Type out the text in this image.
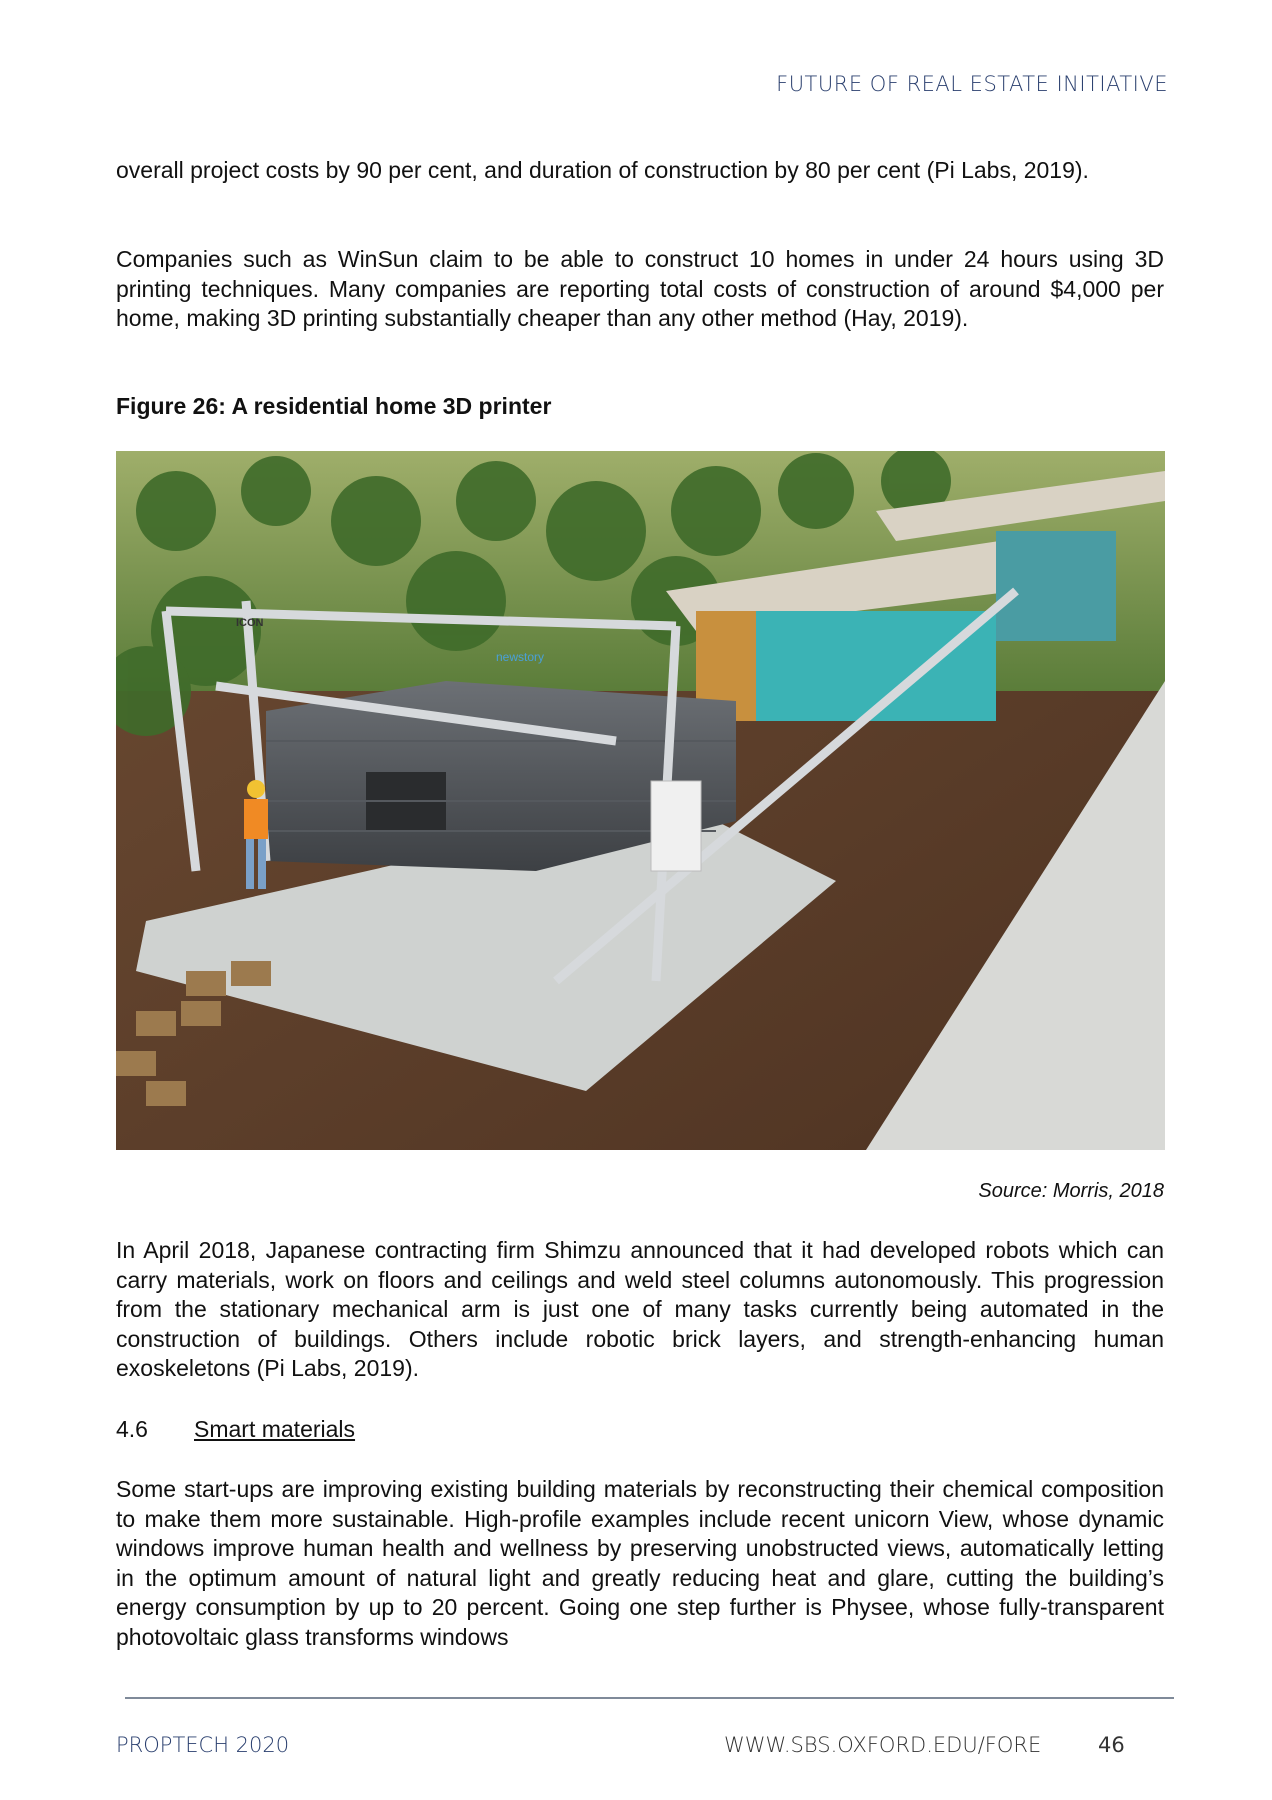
FUTURE OF REAL ESTATE INITIATIVE

overall project costs by 90 per cent, and duration of construction by 80 per cent (Pi Labs, 2019).

Companies such as WinSun claim to be able to construct 10 homes in under 24 hours using 3D printing techniques. Many companies are reporting total costs of construction of around $4,000 per home, making 3D printing substantially cheaper than any other method (Hay, 2019).

Figure 26: A residential home 3D printer
newstory
ICON
Source: Morris, 2018

In April 2018, Japanese contracting firm Shimzu announced that it had developed robots which can carry materials, work on floors and ceilings and weld steel columns autonomously. This progression from the stationary mechanical arm is just one of many tasks currently being automated in the construction of buildings. Others include robotic brick layers, and strength-enhancing human exoskeletons (Pi Labs, 2019).

4.6 Smart materials

Some start-ups are improving existing building materials by reconstructing their chemical composition to make them more sustainable. High-profile examples include recent unicorn View, whose dynamic windows improve human health and wellness by preserving unobstructed views, automatically letting in the optimum amount of natural light and greatly reducing heat and glare, cutting the building’s energy consumption by up to 20 percent. Going one step further is Physee, whose fully-transparent photovoltaic glass transforms windows

PROPTECH 2020	WWW.SBS.OXFORD.EDU/FORE	46
